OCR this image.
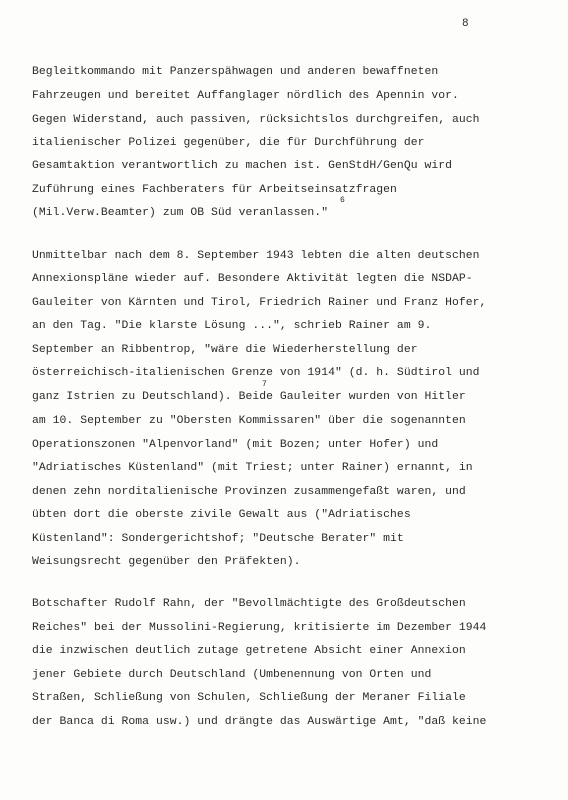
8
Begleitkommando mit Panzerspähwagen und anderen bewaffneten
Fahrzeugen und bereitet Auffanglager nördlich des Apennin vor.
Gegen Widerstand, auch passiven, rücksichtslos durchgreifen, auch
italienischer Polizei gegenüber, die für Durchführung der
Gesamtaktion verantwortlich zu machen ist. GenStdH/GenQu wird
Zuführung eines Fachberaters für Arbeitseinsatzfragen
6
(Mil.Verw.Beamter) zum OB Süd veranlassen."
Unmittelbar nach dem 8. September 1943 lebten die alten deutschen
Annexionspläne wieder auf. Besondere Aktivität legten die NSDAP-
Gauleiter von Kärnten und Tirol, Friedrich Rainer und Franz Hofer,
an den Tag. "Die klarste Lösung ...", schrieb Rainer am 9.
September an Ribbentrop, "wäre die Wiederherstellung der
österreichisch-italienischen Grenze von 1914" (d. h. Südtirol und
7
ganz Istrien zu Deutschland). Beide Gauleiter wurden von Hitler
am 10. September zu "Obersten Kommissaren" über die sogenannten
Operationszonen "Alpenvorland" (mit Bozen; unter Hofer) und
"Adriatisches Küstenland" (mit Triest; unter Rainer) ernannt, in
denen zehn norditalienische Provinzen zusammengefaßt waren, und
übten dort die oberste zivile Gewalt aus ("Adriatisches
Küstenland": Sondergerichtshof; "Deutsche Berater" mit
Weisungsrecht gegenüber den Präfekten).
Botschafter Rudolf Rahn, der "Bevollmächtigte des Großdeutschen
Reiches" bei der Mussolini-Regierung, kritisierte im Dezember 1944
die inzwischen deutlich zutage getretene Absicht einer Annexion
jener Gebiete durch Deutschland (Umbenennung von Orten und
Straßen, Schließung von Schulen, Schließung der Meraner Filiale
der Banca di Roma usw.) und drängte das Auswärtige Amt, "daß keine
